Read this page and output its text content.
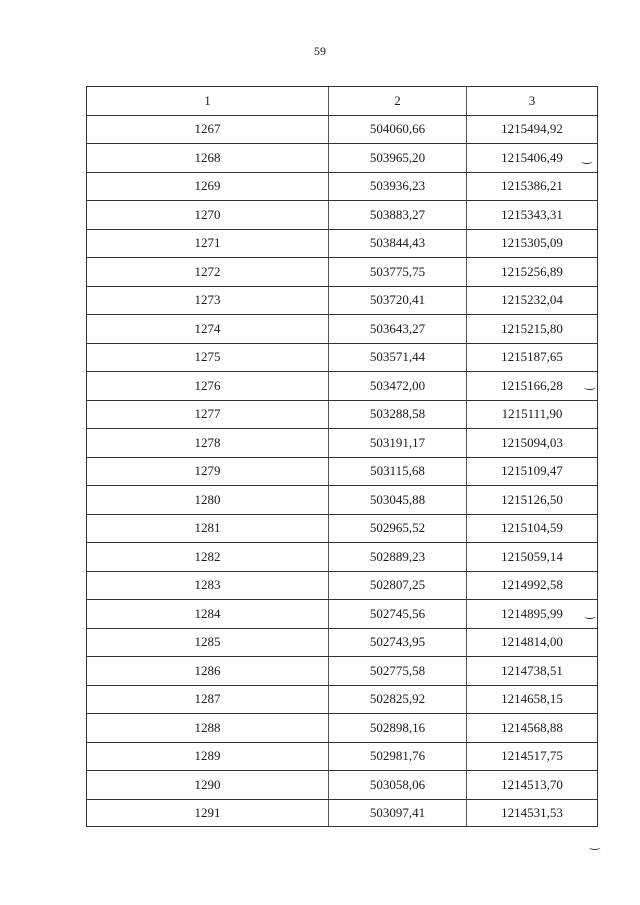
59
1	2	3
1267	504060,66	1215494,92
1268	503965,20	1215406,49
1269	503936,23	1215386,21
1270	503883,27	1215343,31
1271	503844,43	1215305,09
1272	503775,75	1215256,89
1273	503720,41	1215232,04
1274	503643,27	1215215,80
1275	503571,44	1215187,65
1276	503472,00	1215166,28
1277	503288,58	1215111,90
1278	503191,17	1215094,03
1279	503115,68	1215109,47
1280	503045,88	1215126,50
1281	502965,52	1215104,59
1282	502889,23	1215059,14
1283	502807,25	1214992,58
1284	502745,56	1214895,99
1285	502743,95	1214814,00
1286	502775,58	1214738,51
1287	502825,92	1214658,15
1288	502898,16	1214568,88
1289	502981,76	1214517,75
1290	503058,06	1214513,70
1291	503097,41	1214531,53
‿
‿
‿
‿
